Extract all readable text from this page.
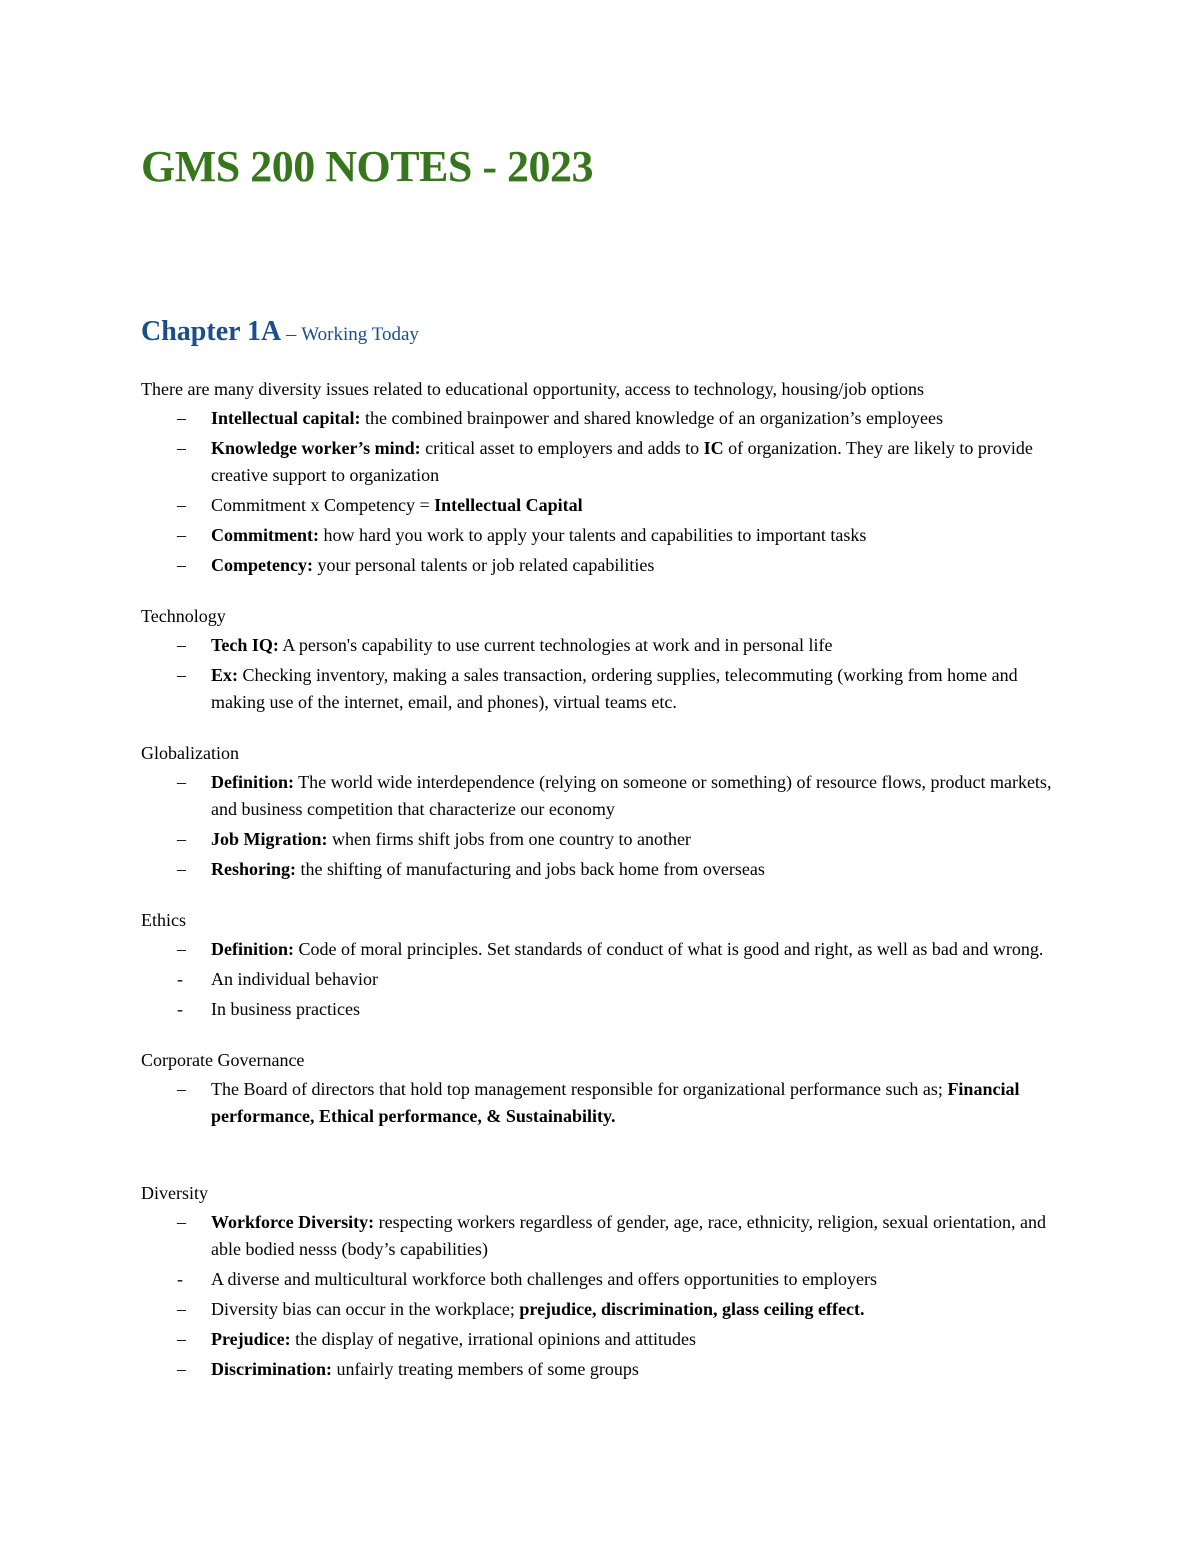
GMS 200 NOTES - 2023
Chapter 1A – Working Today

There are many diversity issues related to educational opportunity, access to technology, housing/job options

– Intellectual capital: the combined brainpower and shared knowledge of an organization’s employees
– Knowledge worker’s mind: critical asset to employers and adds to IC of organization. They are likely to provide creative support to organization
– Commitment x Competency = Intellectual Capital
– Commitment: how hard you work to apply your talents and capabilities to important tasks
– Competency: your personal talents or job related capabilities

Technology

– Tech IQ: A person's capability to use current technologies at work and in personal life
– Ex: Checking inventory, making a sales transaction, ordering supplies, telecommuting (working from home and making use of the internet, email, and phones), virtual teams etc.

Globalization

– Definition: The world wide interdependence (relying on someone or something) of resource flows, product markets, and business competition that characterize our economy
– Job Migration: when firms shift jobs from one country to another
– Reshoring: the shifting of manufacturing and jobs back home from overseas

Ethics

– Definition: Code of moral principles. Set standards of conduct of what is good and right, as well as bad and wrong.
- An individual behavior
- In business practices

Corporate Governance

– The Board of directors that hold top management responsible for organizational performance such as; Financial performance, Ethical performance, & Sustainability.

Diversity

– Workforce Diversity: respecting workers regardless of gender, age, race, ethnicity, religion, sexual orientation, and able bodied nesss (body’s capabilities)
- A diverse and multicultural workforce both challenges and offers opportunities to employers
– Diversity bias can occur in the workplace; prejudice, discrimination, glass ceiling effect.
– Prejudice: the display of negative, irrational opinions and attitudes
– Discrimination: unfairly treating members of some groups
